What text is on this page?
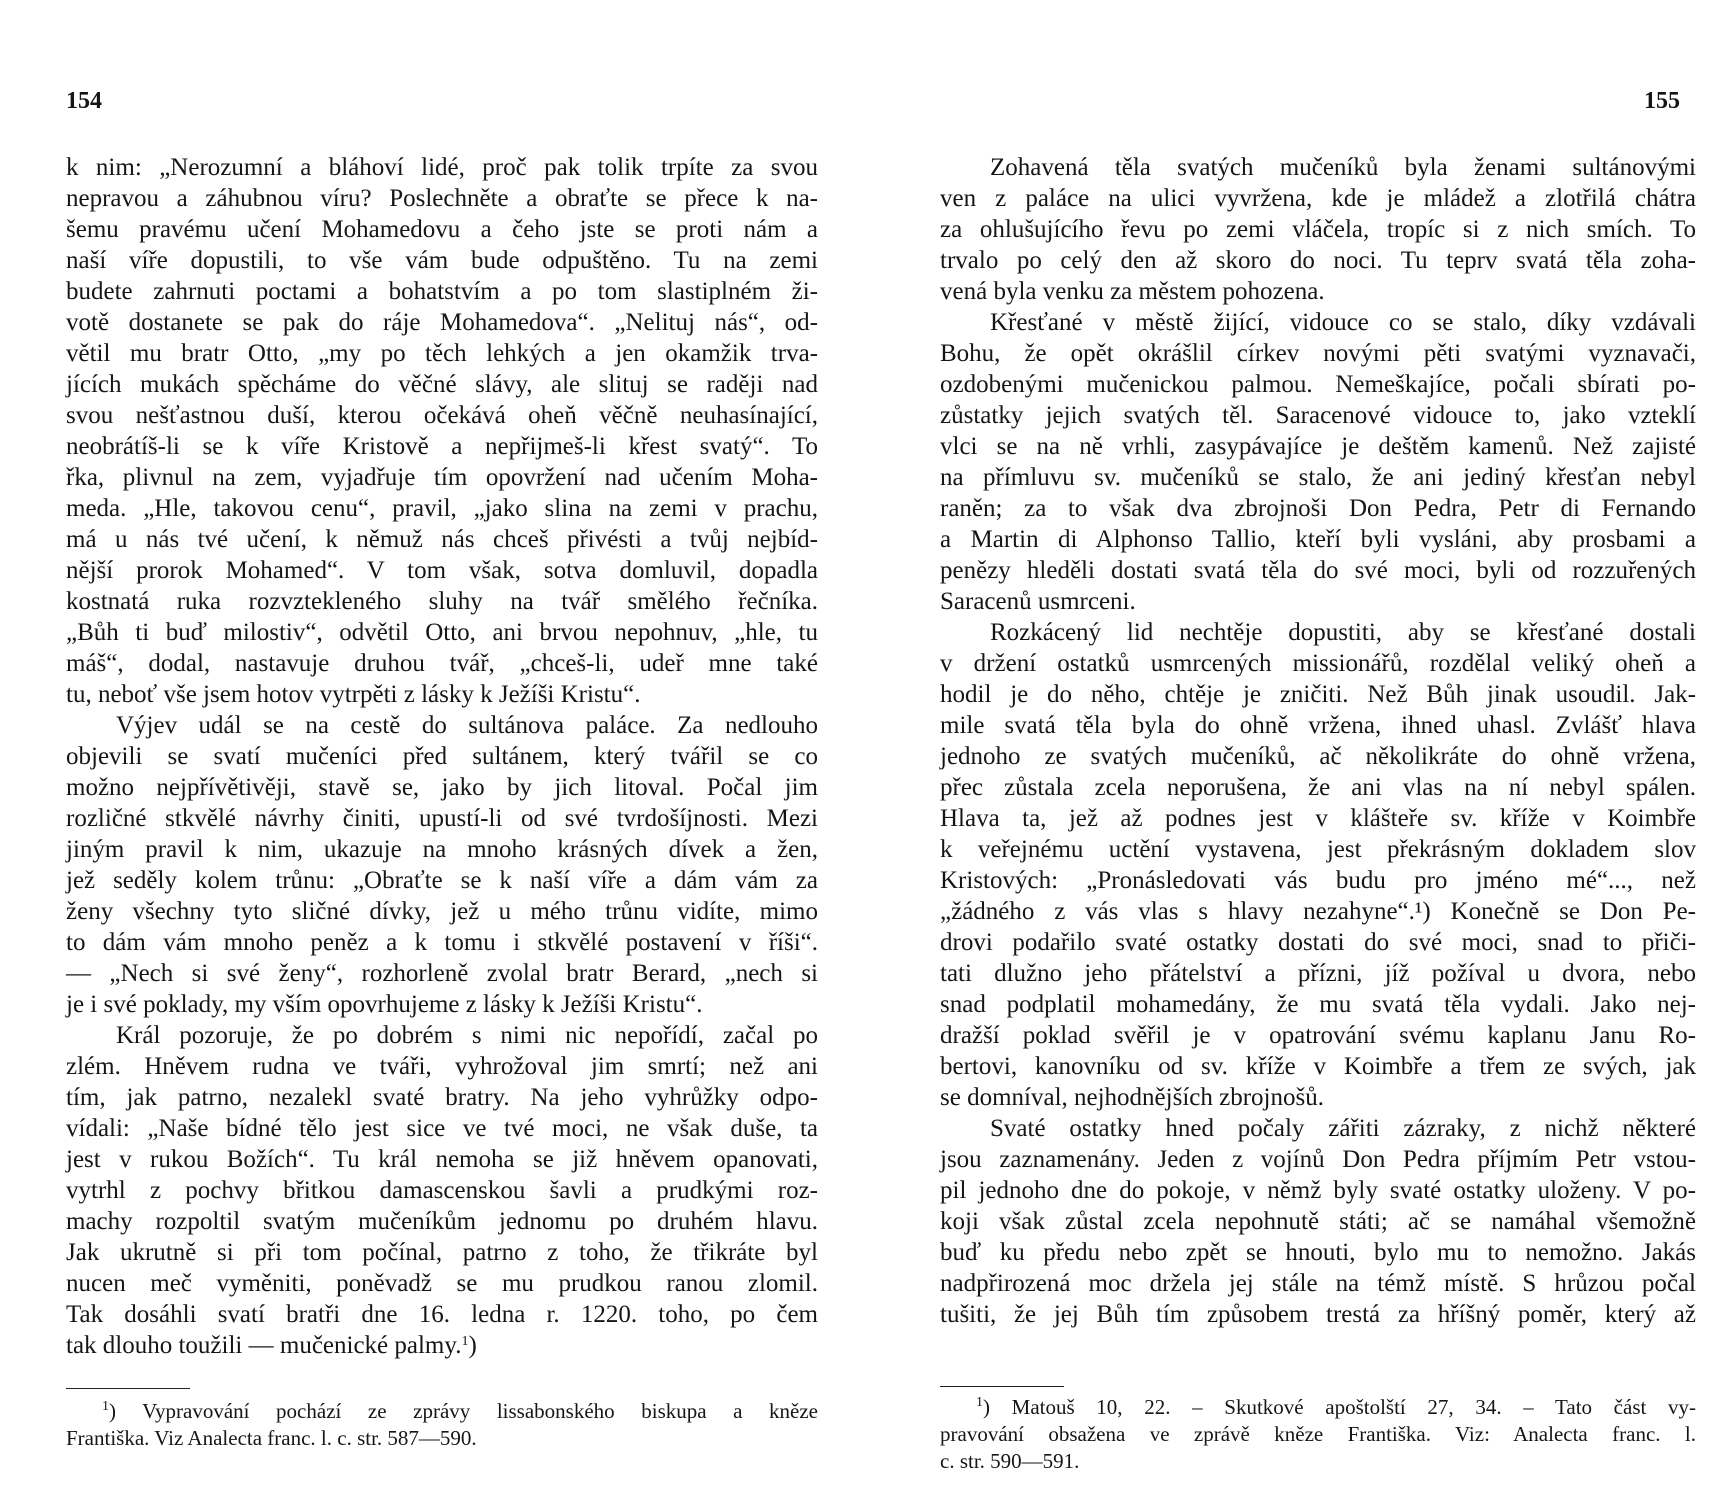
154

k nim: „Nerozumní a bláhoví lidé, proč pak tolik trpíte za svou
nepravou a záhubnou víru? Poslechněte a obraťte se přece k na-
šemu pravému učení Mohamedovu a čeho jste se proti nám a
naší víře dopustili, to vše vám bude odpuštěno. Tu na zemi
budete zahrnuti poctami a bohatstvím a po tom slastiplném ži-
votě dostanete se pak do ráje Mohamedova“. „Nelituj nás“, od-
větil mu bratr Otto, „my po těch lehkých a jen okamžik trva-
jících mukách spěcháme do věčné slávy, ale slituj se raději nad
svou nešťastnou duší, kterou očekává oheň věčně neuhasínající,
neobrátíš-li se k víře Kristově a nepřijmeš-li křest svatý“. To
řka, plivnul na zem, vyjadřuje tím opovržení nad učením Moha-
meda. „Hle, takovou cenu“, pravil, „jako slina na zemi v prachu,
má u nás tvé učení, k němuž nás chceš přivésti a tvůj nejbíd-
nější prorok Mohamed“. V tom však, sotva domluvil, dopadla
kostnatá ruka rozvztekleného sluhy na tvář smělého řečníka.
„Bůh ti buď milostiv“, odvětil Otto, ani brvou nepohnuv, „hle, tu
máš“, dodal, nastavuje druhou tvář, „chceš-li, udeř mne také
tu, neboť vše jsem hotov vytrpěti z lásky k Ježíši Kristu“.
Výjev udál se na cestě do sultánova paláce. Za nedlouho
objevili se svatí mučeníci před sultánem, který tvářil se co
možno nejpřívětivěji, stavě se, jako by jich litoval. Počal jim
rozličné stkvělé návrhy činiti, upustí-li od své tvrdošíjnosti. Mezi
jiným pravil k nim, ukazuje na mnoho krásných dívek a žen,
jež seděly kolem trůnu: „Obraťte se k naší víře a dám vám za
ženy všechny tyto sličné dívky, jež u mého trůnu vidíte, mimo
to dám vám mnoho peněz a k tomu i stkvělé postavení v říši“.
— „Nech si své ženy“, rozhorleně zvolal bratr Berard, „nech si
je i své poklady, my vším opovrhujeme z lásky k Ježíši Kristu“.
Král pozoruje, že po dobrém s nimi nic nepořídí, začal po
zlém. Hněvem rudna ve tváři, vyhrožoval jim smrtí; než ani
tím, jak patrno, nezalekl svaté bratry. Na jeho vyhrůžky odpo-
vídali: „Naše bídné tělo jest sice ve tvé moci, ne však duše, ta
jest v rukou Božích“. Tu král nemoha se již hněvem opanovati,
vytrhl z pochvy břitkou damascenskou šavli a prudkými roz-
machy rozpoltil svatým mučeníkům jednomu po druhém hlavu.
Jak ukrutně si při tom počínal, patrno z toho, že třikráte byl
nucen meč vyměniti, poněvadž se mu prudkou ranou zlomil.
Tak dosáhli svatí bratři dne 16. ledna r. 1220. toho, po čem
tak dlouho toužili — mučenické palmy.$^1$)
$^1$) Vypravování pochází ze zprávy lissabonského biskupa a kněze
Františka. Viz Analecta franc. l. c. str. 587—590.

155

Zohavená těla svatých mučeníků byla ženami sultánovými
ven z paláce na ulici vyvržena, kde je mládež a zlotřilá chátra
za ohlušujícího řevu po zemi vláčela, tropíc si z nich smích. To
trvalo po celý den až skoro do noci. Tu teprv svatá těla zoha-
vená byla venku za městem pohozena.
Křesťané v městě žijící, vidouce co se stalo, díky vzdávali
Bohu, že opět okrášlil církev novými pěti svatými vyznavači,
ozdobenými mučenickou palmou. Nemeškajíce, počali sbírati po-
zůstatky jejich svatých těl. Saracenové vidouce to, jako vzteklí
vlci se na ně vrhli, zasypávajíce je deštěm kamenů. Než zajisté
na přímluvu sv. mučeníků se stalo, že ani jediný křesťan nebyl
raněn; za to však dva zbrojnoši Don Pedra, Petr di Fernando
a Martin di Alphonso Tallio, kteří byli vysláni, aby prosbami a
penězy hleděli dostati svatá těla do své moci, byli od rozzuřených
Saracenů usmrceni.
Rozkácený lid nechtěje dopustiti, aby se křesťané dostali
v držení ostatků usmrcených missionářů, rozdělal veliký oheň a
hodil je do něho, chtěje je zničiti. Než Bůh jinak usoudil. Jak-
mile svatá těla byla do ohně vržena, ihned uhasl. Zvlášť hlava
jednoho ze svatých mučeníků, ač několikráte do ohně vržena,
přec zůstala zcela neporušena, že ani vlas na ní nebyl spálen.
Hlava ta, jež až podnes jest v klášteře sv. kříže v Koimbře
k veřejnému uctění vystavena, jest překrásným dokladem slov
Kristových: „Pronásledovati vás budu pro jméno mé“..., než
„žádného z vás vlas s hlavy nezahyne“.¹) Konečně se Don Pe-
drovi podařilo svaté ostatky dostati do své moci, snad to přiči-
tati dlužno jeho přátelství a přízni, jíž požíval u dvora, nebo
snad podplatil mohamedány, že mu svatá těla vydali. Jako nej-
dražší poklad svěřil je v opatrování svému kaplanu Janu Ro-
bertovi, kanovníku od sv. kříže v Koimbře a třem ze svých, jak
se domníval, nejhodnějších zbrojnošů.
Svaté ostatky hned počaly zářiti zázraky, z nichž některé
jsou zaznamenány. Jeden z vojínů Don Pedra příjmím Petr vstou-
pil jednoho dne do pokoje, v němž byly svaté ostatky uloženy. V po-
koji však zůstal zcela nepohnutě státi; ač se namáhal všemožně
buď ku předu nebo zpět se hnouti, bylo mu to nemožno. Jakás
nadpřirozená moc držela jej stále na témž místě. S hrůzou počal
tušiti, že jej Bůh tím způsobem trestá za hříšný poměr, který až
$^1$) Matouš 10, 22. – Skutkové apoštolští 27, 34. – Tato část vy-
pravování obsažena ve zprávě kněze Františka. Viz: Analecta franc. l.
c. str. 590—591.
